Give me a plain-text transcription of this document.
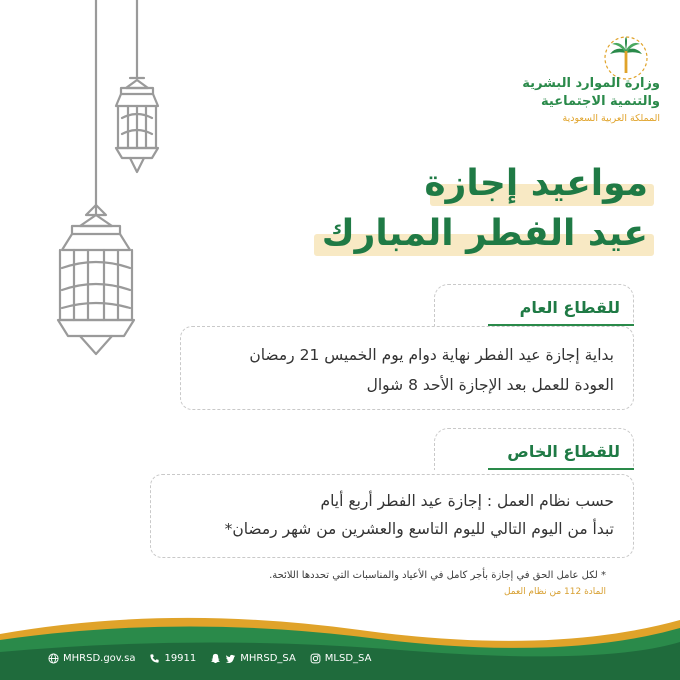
وزارة الموارد البشرية
والتنمية الاجتماعية
المملكة العربية السعودية
مواعيد إجازة
عيد الفطر المبارك
للقطاع العام
بداية إجازة عيد الفطر نهاية دوام يوم الخميس 21 رمضان
العودة للعمل بعد الإجازة الأحد 8 شوال
للقطاع الخاص
حسب نظام العمل : إجازة عيد الفطر أربع أيام
تبدأ من اليوم التالي لليوم التاسع والعشرين من شهر رمضان*
* لكل عامل الحق في إجازة بأجر كامل في الأعياد والمناسبات التي تحددها اللائحة.
المادة 112 من نظام العمل
MHRSD.gov.sa	19911	MHRSD_SA	MLSD_SA
